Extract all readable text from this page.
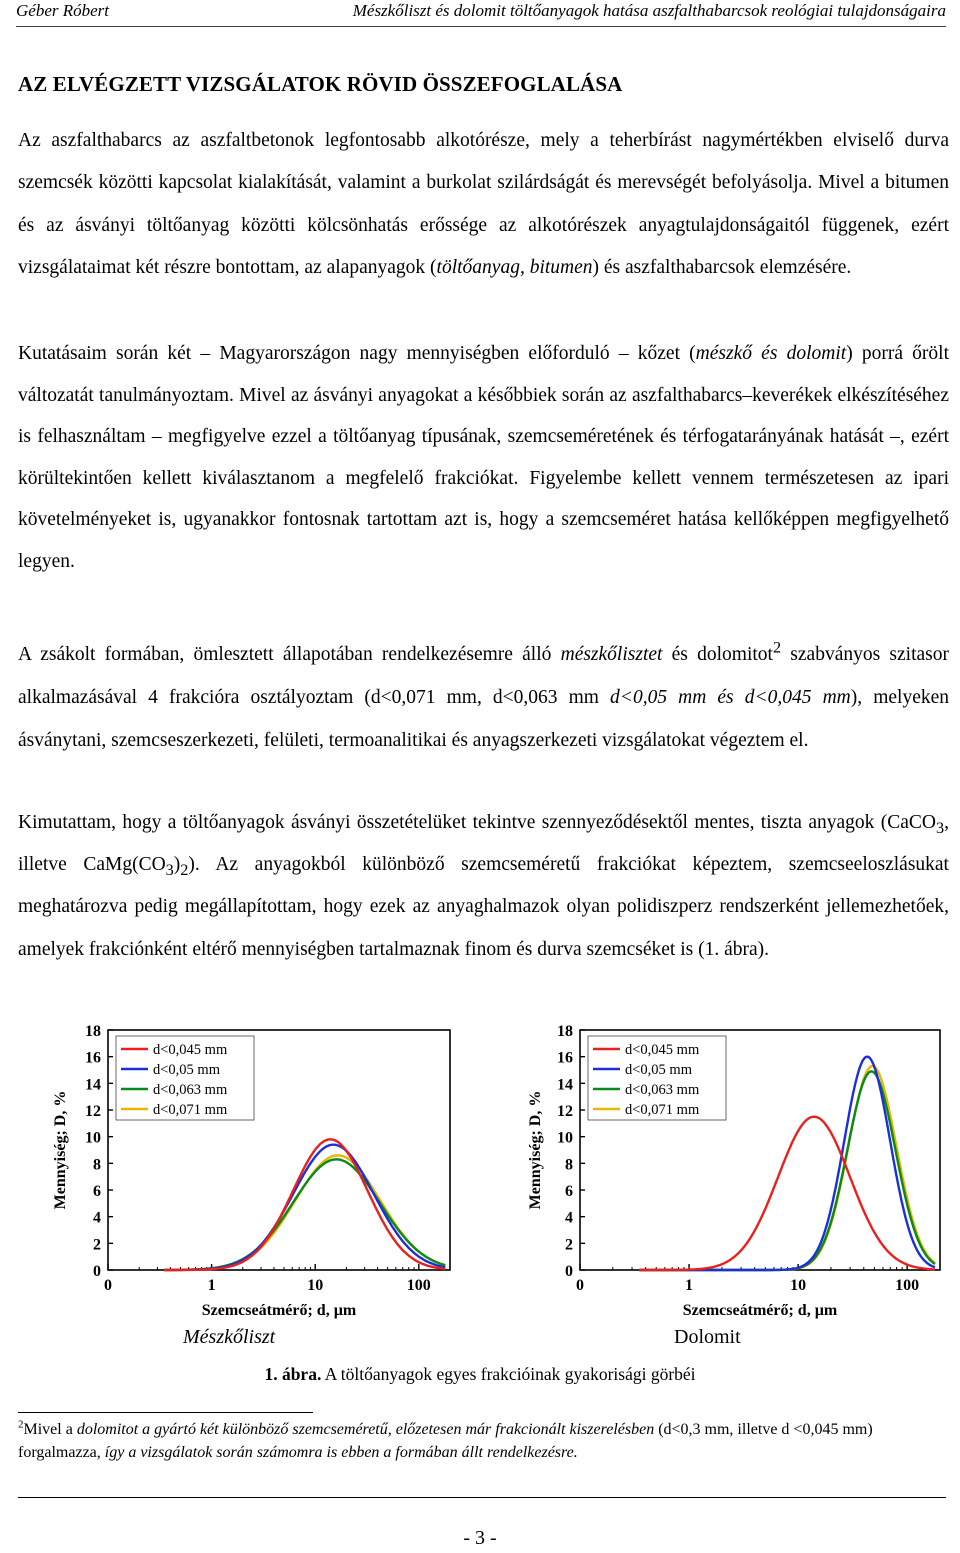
Géber Róbert	Mészkőliszt és dolomit töltőanyagok hatása aszfalthabarcsok reológiai tulajdonságaira
AZ ELVÉGZETT VIZSGÁLATOK RÖVID ÖSSZEFOGLALÁSA

Az aszfalthabarcs az aszfaltbetonok legfontosabb alkotórésze, mely a teherbírást nagymértékben elviselő durva szemcsék közötti kapcsolat kialakítását, valamint a burkolat szilárdságát és merevségét befolyásolja. Mivel a bitumen és az ásványi töltőanyag közötti kölcsönhatás erőssége az alkotórészek anyagtulajdonságaitól függenek, ezért vizsgálataimat két részre bontottam, az alapanyagok (töltőanyag, bitumen) és aszfalthabarcsok elemzésére.

Kutatásaim során két – Magyarországon nagy mennyiségben előforduló – kőzet (mészkő és dolomit) porrá őrölt változatát tanulmányoztam. Mivel az ásványi anyagokat a későbbiek során az aszfalthabarcs–keverékek elkészítéséhez is felhasználtam – megfigyelve ezzel a töltőanyag típusának, szemcseméretének és térfogatarányának hatását –, ezért körültekintően kellett kiválasztanom a megfelelő frakciókat. Figyelembe kellett vennem természetesen az ipari követelményeket is, ugyanakkor fontosnak tartottam azt is, hogy a szemcseméret hatása kellőképpen megfigyelhető legyen.

A zsákolt formában, ömlesztett állapotában rendelkezésemre álló mészkőlisztet és dolomitot$^2$ szabványos szitasor alkalmazásával 4 frakcióra osztályoztam (d<0,071 mm, d<0,063 mm d<0,05 mm és d<0,045 mm), melyeken ásványtani, szemcseszerkezeti, felületi, termoanalitikai és anyagszerkezeti vizsgálatokat végeztem el.

Kimutattam, hogy a töltőanyagok ásványi összetételüket tekintve szennyeződésektől mentes, tiszta anyagok (CaCO$_3$, illetve $CaMg(CO_3)_2$). Az anyagokból különböző szemcseméretű frakciókat képeztem, szemcseeloszlásukat meghatározva pedig megállapítottam, hogy ezek az anyaghalmazok olyan polidiszperz rendszerként jellemezhetőek, amelyek frakciónként eltérő mennyiségben tartalmaznak finom és durva szemcséket is (1. ábra).

0
2
4
6
8
10
12
14
16
18
0	1	10	100
Szemcseátmérő; d, µm
Mennyiség; D, %
d<0,045 mm
d<0,05 mm
d<0,063 mm
d<0,071 mm
0
2
4
6
8
10
12
14
16
18
0	1	10	100
Szemcseátmérő; d, µm
Mennyiség; D, %
d<0,045 mm
d<0,05 mm
d<0,063 mm
d<0,071 mm
Mészkőliszt	Dolomit
1. ábra. A töltőanyagok egyes frakcióinak gyakorisági görbéi

$^2$Mivel a dolomitot a gyártó két különböző szemcseméretű, előzetesen már frakcionált kiszerelésben (d<0,3 mm, illetve d <0,045 mm) forgalmazza, így a vizsgálatok során számomra is ebben a formában állt rendelkezésre.

- 3 -
